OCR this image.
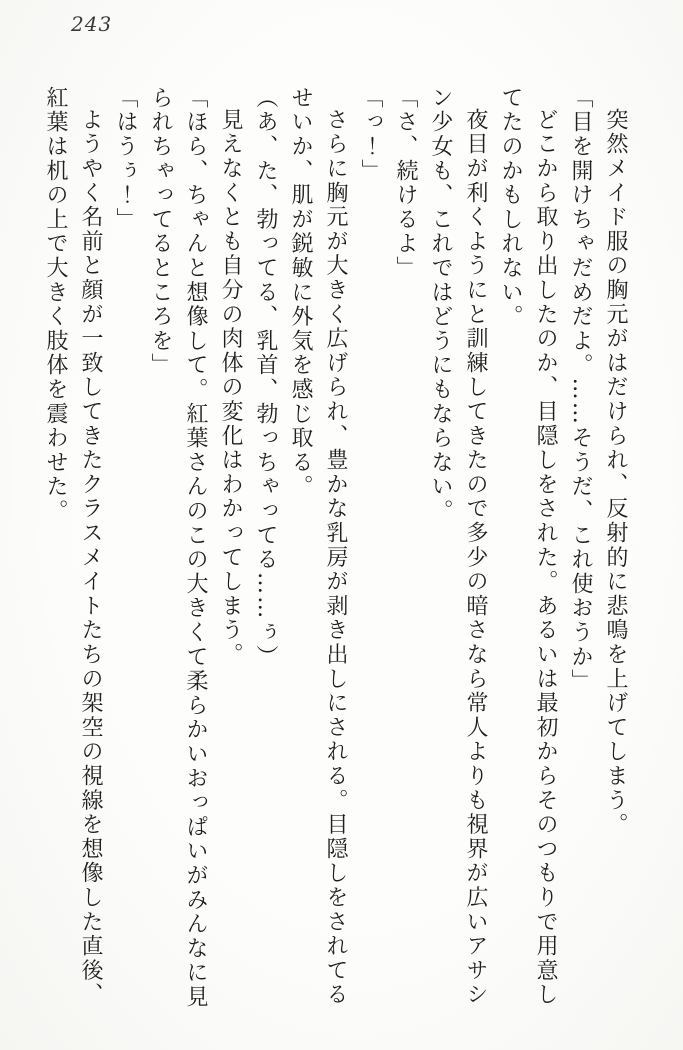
243

突然メイド服の胸元がはだけられ、反射的に悲鳴を上げてしまう。

「目を開けちゃだめだよ。……そうだ、これ使おうか」

どこから取り出したのか、目隠しをされた。あるいは最初からそのつもりで用意してたのかもしれない。

夜目が利くようにと訓練してきたので多少の暗さなら常人よりも視界が広いアサシン少女も、これではどうにもならない。

「さ、続けるよ」

「っ！」

さらに胸元が大きく広げられ、豊かな乳房が剥き出しにされる。目隠しをされてるせいか、肌が鋭敏に外気を感じ取る。

（あ、た、勃ってる、乳首、勃っちゃってる……ぅ）

見えなくとも自分の肉体の変化はわかってしまう。

「ほら、ちゃんと想像して。紅葉さんのこの大きくて柔らかいおっぱいがみんなに見られちゃってるところを」

「はうぅ！」

ようやく名前と顔が一致してきたクラスメイトたちの架空の視線を想像した直後、紅葉は机の上で大きく肢体を震わせた。
